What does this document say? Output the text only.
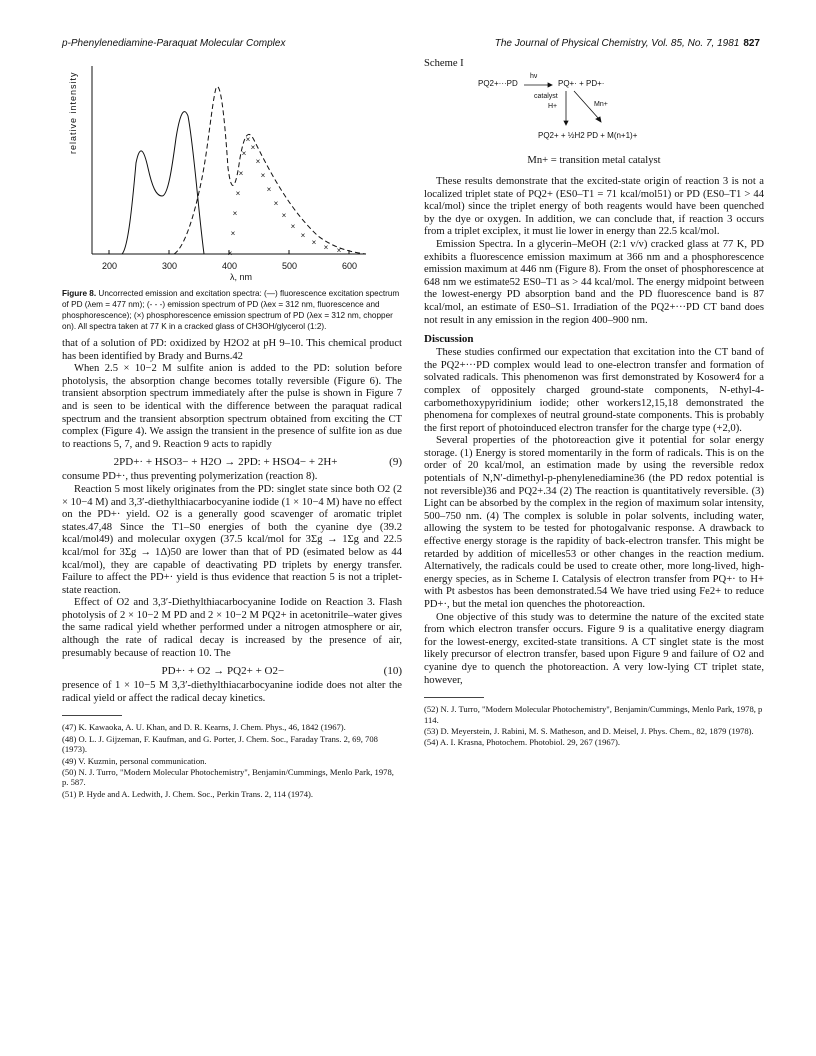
p-Phenylenediamine-Paraquat Molecular Complex	The Journal of Physical Chemistry, Vol. 85, No. 7, 1981 827
×
×
×
×
×
×
×
×
×
×
×
×
×
×
×
×
× ×
relative intensity
200	300	400	500	600
λ, nm
Figure 8. Uncorrected emission and excitation spectra: (—) fluorescence excitation spectrum of PD (λem = 477 nm); (- - -) emission spectrum of PD (λex = 312 nm, fluorescence and phosphorescence); (×) phosphorescence emission spectrum of PD (λex = 312 nm, chopper on). All spectra taken at 77 K in a cracked glass of CH3OH/glycerol (1:2).

that of a solution of PD: oxidized by H2O2 at pH 9–10. This chemical product has been identified by Brady and Burns.42

When 2.5 × 10−2 M sulfite anion is added to the PD: solution before photolysis, the absorption change becomes totally reversible (Figure 6). The transient absorption spectrum immediately after the pulse is shown in Figure 7 and is seen to be identical with the difference between the paraquat radical spectrum and the transient absorption spectrum obtained from exciting the CT complex (Figure 4). We assign the transient in the presence of sulfite ion as due to reactions 5, 7, and 9. Reaction 9 acts to rapidly

2PD+· + HSO3− + H2O → 2PD: + HSO4− + 2H+	(9)

consume PD+·, thus preventing polymerization (reaction 8).

Reaction 5 most likely originates from the PD: singlet state since both O2 (2 × 10−4 M) and 3,3′-diethylthiacarbocyanine iodide (1 × 10−4 M) have no effect on the PD+· yield. O2 is a generally good scavenger of aromatic triplet states.47,48 Since the T1–S0 energies of both the cyanine dye (39.2 kcal/mol49) and molecular oxygen (37.5 kcal/mol for 3Σg → 1Σg and 22.5 kcal/mol for 3Σg → 1Δ)50 are lower than that of PD (esimated below as 44 kcal/mol), they are capable of deactivating PD triplets by energy transfer. Failure to affect the PD+· yield is thus evidence that reaction 5 is not a triplet-state reaction.

Effect of O2 and 3,3′-Diethylthiacarbocyanine Iodide on Reaction 3. Flash photolysis of 2 × 10−2 M PD and 2 × 10−2 M PQ2+ in acetonitrile–water gives the same radical yield whether performed under a nitrogen atmosphere or air, although the rate of radical decay is increased by the presence of air, presumably because of reaction 10. The

PD+· + O2 → PQ2+ + O2−	(10)

presence of 1 × 10−5 M 3,3′-diethylthiacarbocyanine iodide does not alter the radical yield or affect the radical decay kinetics.

(47) K. Kawaoka, A. U. Khan, and D. R. Kearns, J. Chem. Phys., 46, 1842 (1967).
(48) O. L. J. Gijzeman, F. Kaufman, and G. Porter, J. Chem. Soc., Faraday Trans. 2, 69, 708 (1973).
(49) V. Kuzmin, personal communication.
(50) N. J. Turro, "Modern Molecular Photochemistry", Benjamin/Cummings, Menlo Park, 1978, p. 587.
(51) P. Hyde and A. Ledwith, J. Chem. Soc., Perkin Trans. 2, 114 (1974).
Scheme I
PQ2+···PD
hν
PQ+· + PD+·
catalyst
H+	Mn+
PQ2+ + ½H2 PD + M(n+1)+
Mn+ = transition metal catalyst

These results demonstrate that the excited-state origin of reaction 3 is not a localized triplet state of PQ2+ (ES0–T1 = 71 kcal/mol51) or PD (ES0–T1 > 44 kcal/mol) since the triplet energy of both reagents would have been quenched by the dye or oxygen. In addition, we can conclude that, if reaction 3 occurs from a triplet exciplex, it must lie lower in energy than 22.5 kcal/mol.

Emission Spectra. In a glycerin–MeOH (2:1 v/v) cracked glass at 77 K, PD exhibits a fluorescence emission maximum at 366 nm and a phosphorescence emission maximum at 446 nm (Figure 8). From the onset of phosphorescence at 648 nm we estimate52 ES0–T1 as > 44 kcal/mol. The energy midpoint between the lowest-energy PD absorption band and the PD fluorescence band is 87 kcal/mol, an estimate of ES0–S1. Irradiation of the PQ2+···PD CT band does not result in any emission in the region 400–900 nm.

Discussion

These studies confirmed our expectation that excitation into the CT band of the PQ2+···PD complex would lead to one-electron transfer and formation of solvated radicals. This phenomenon was first demonstrated by Kosower4 for a complex of oppositely charged ground-state components, N-ethyl-4-carbomethoxypyridinium iodide; other workers12,15,18 demonstrated the phenomena for complexes of neutral ground-state components. This is probably the first report of photoinduced electron transfer for the charge type (+2,0).

Several properties of the photoreaction give it potential for solar energy storage. (1) Energy is stored momentarily in the form of radicals. This is on the order of 20 kcal/mol, an estimation made by using the reversible redox potentials of N,N′-dimethyl-p-phenylenediamine36 (the PD redox potential is not reversible)36 and PQ2+.34 (2) The reaction is quantitatively reversible. (3) Light can be absorbed by the complex in the region of maximum solar intensity, 500–750 nm. (4) The complex is soluble in polar solvents, including water, allowing the system to be tested for photogalvanic response. A drawback to effective energy storage is the rapidity of back-electron transfer. This might be retarded by addition of micelles53 or other changes in the reaction medium. Alternatively, the radicals could be used to create other, more long-lived, high-energy species, as in Scheme I. Catalysis of electron transfer from PQ+· to H+ with Pt asbestos has been demonstrated.54 We have tried using Fe2+ to reduce PD+·, but the metal ion quenches the photoreaction.

One objective of this study was to determine the nature of the excited state from which electron transfer occurs. Figure 9 is a qualitative energy diagram for the lowest-energy, excited-state transitions. A CT singlet state is the most likely precursor of electron transfer, based upon Figure 9 and failure of O2 and cyanine dye to quench the photoreaction. A very low-lying CT triplet state, however,

(52) N. J. Turro, "Modern Molecular Photochemistry", Benjamin/Cummings, Menlo Park, 1978, p 114.
(53) D. Meyerstein, J. Rabini, M. S. Matheson, and D. Meisel, J. Phys. Chem., 82, 1879 (1978).
(54) A. I. Krasna, Photochem. Photobiol. 29, 267 (1967).
